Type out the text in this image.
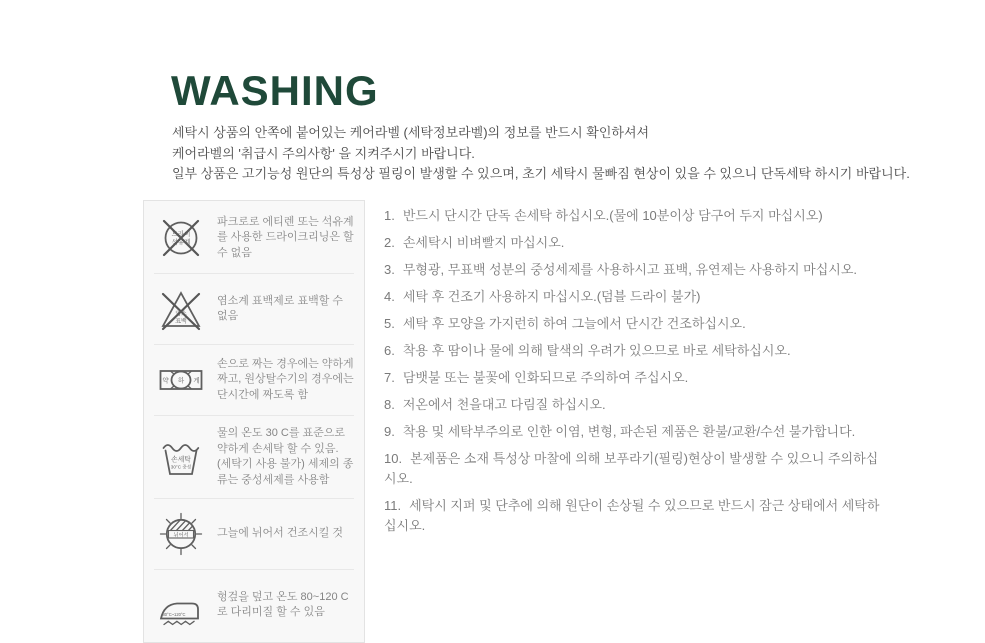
WASHING
세탁시 상품의 안쪽에 붙어있는 케어라벨 (세탁정보라벨)의 정보를 반드시 확인하셔셔
케어라벨의 '취급시 주의사항' 을 지켜주시기 바랍니다.
일부 상품은 고기능성 원단의 특성상 필링이 발생할 수 있으며, 초기 세탁시 물빠짐 현상이 있을 수 있으니 단독세탁 하시기 바랍니다.
드라이
석유계
파크로로 에티렌 또는 석유계를 사용한 드라이크리닝은 할 수 없음
염소
표백
염소계 표백제로 표백할 수 없음
약 하 게
손으로 짜는 경우에는 약하게 짜고, 원상탈수기의 경우에는 단시간에 짜도록 함
손세탁
30°C 중성
물의 온도 30 C를 표준으로 약하게 손세탁 할 수 있음. (세탁기 사용 불가) 세제의 종류는 중성세제를 사용함
뉘어서	그늘에 뉘어서 건조시킬 것
80°C~120°C
헝겊을 덮고 온도 80~120 C로 다리미질 할 수 있음
1. 반드시 단시간 단독 손세탁 하십시오.(물에 10분이상 담구어 두지 마십시오)
2. 손세탁시 비벼빨지 마십시오.
3. 무형광, 무표백 성분의 중성세제를 사용하시고 표백, 유연제는 사용하지 마십시오.
4. 세탁 후 건조기 사용하지 마십시오.(덤블 드라이 불가)
5. 세탁 후 모양을 가지런히 하여 그늘에서 단시간 건조하십시오.
6. 착용 후 땀이나 물에 의해 탈색의 우려가 있으므로 바로 세탁하십시오.
7. 담뱃불 또는 불꽃에 인화되므로 주의하여 주십시오.
8. 저온에서 천을대고 다림질 하십시오.
9. 착용 및 세탁부주의로 인한 이염, 변형, 파손된 제품은 환불/교환/수선 불가합니다.
10. 본제품은 소재 특성상 마찰에 의해 보푸라기(필링)현상이 발생할 수 있으니 주의하십시오.
11. 세탁시 지퍼 및 단추에 의해 원단이 손상될 수 있으므로 반드시 잠근 상태에서 세탁하십시오.
